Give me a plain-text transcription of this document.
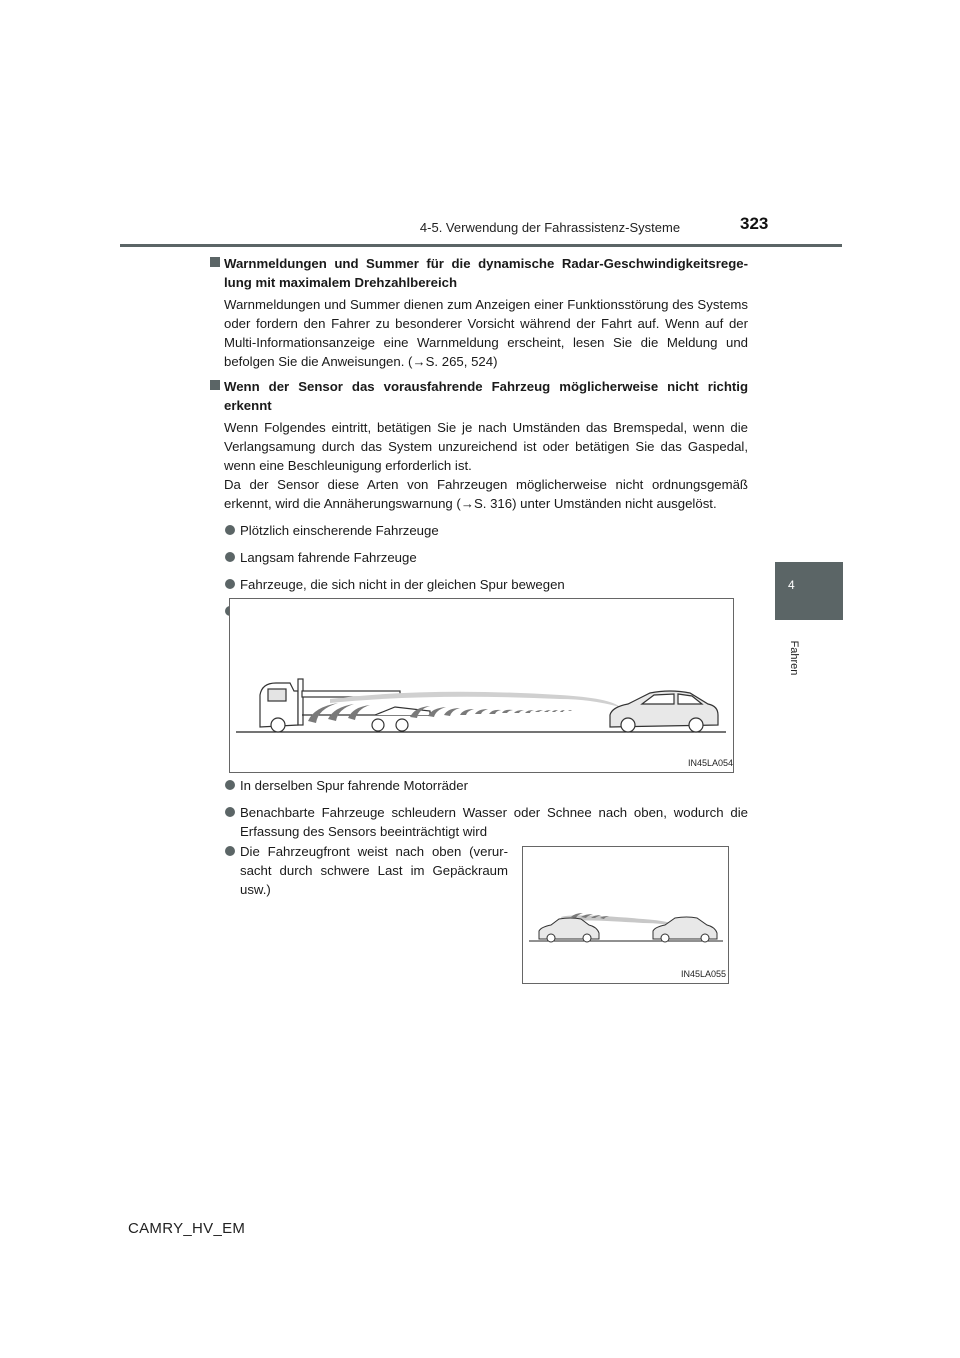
4-5. Verwendung der Fahrassistenz-Systeme	323
4
Fahren
Warnmeldungen und Summer für die dynamische Radar-Geschwindigkeitsregelung mit maximalem Drehzahlbereich
Warnmeldungen und Summer dienen zum Anzeigen einer Funktionsstörung des Systems oder fordern den Fahrer zu besonderer Vorsicht während der Fahrt auf. Wenn auf der Multi-Informationsanzeige eine Warnmeldung erscheint, lesen Sie die Meldung und befolgen Sie die Anweisungen. (→S. 265, 524)
Wenn der Sensor das vorausfahrende Fahrzeug möglicherweise nicht richtig erkennt
Wenn Folgendes eintritt, betätigen Sie je nach Umständen das Bremspedal, wenn die Verlangsamung durch das System unzureichend ist oder betätigen Sie das Gaspedal, wenn eine Beschleunigung erforderlich ist.
Da der Sensor diese Arten von Fahrzeugen möglicherweise nicht ordnungsgemäß erkennt, wird die Annäherungswarnung (→S. 316) unter Umständen nicht ausgelöst.
Plötzlich einscherende Fahrzeuge
Langsam fahrende Fahrzeuge
Fahrzeuge, die sich nicht in der gleichen Spur bewegen
IN45LA054
In derselben Spur fahrende Motorräder
Benachbarte Fahrzeuge schleudern Wasser oder Schnee nach oben, wodurch die Erfassung des Sensors beeinträchtigt wird
Die Fahrzeugfront weist nach oben (verursacht durch schwere Last im Gepäckraum usw.)
IN45LA055
CAMRY_HV_EM
